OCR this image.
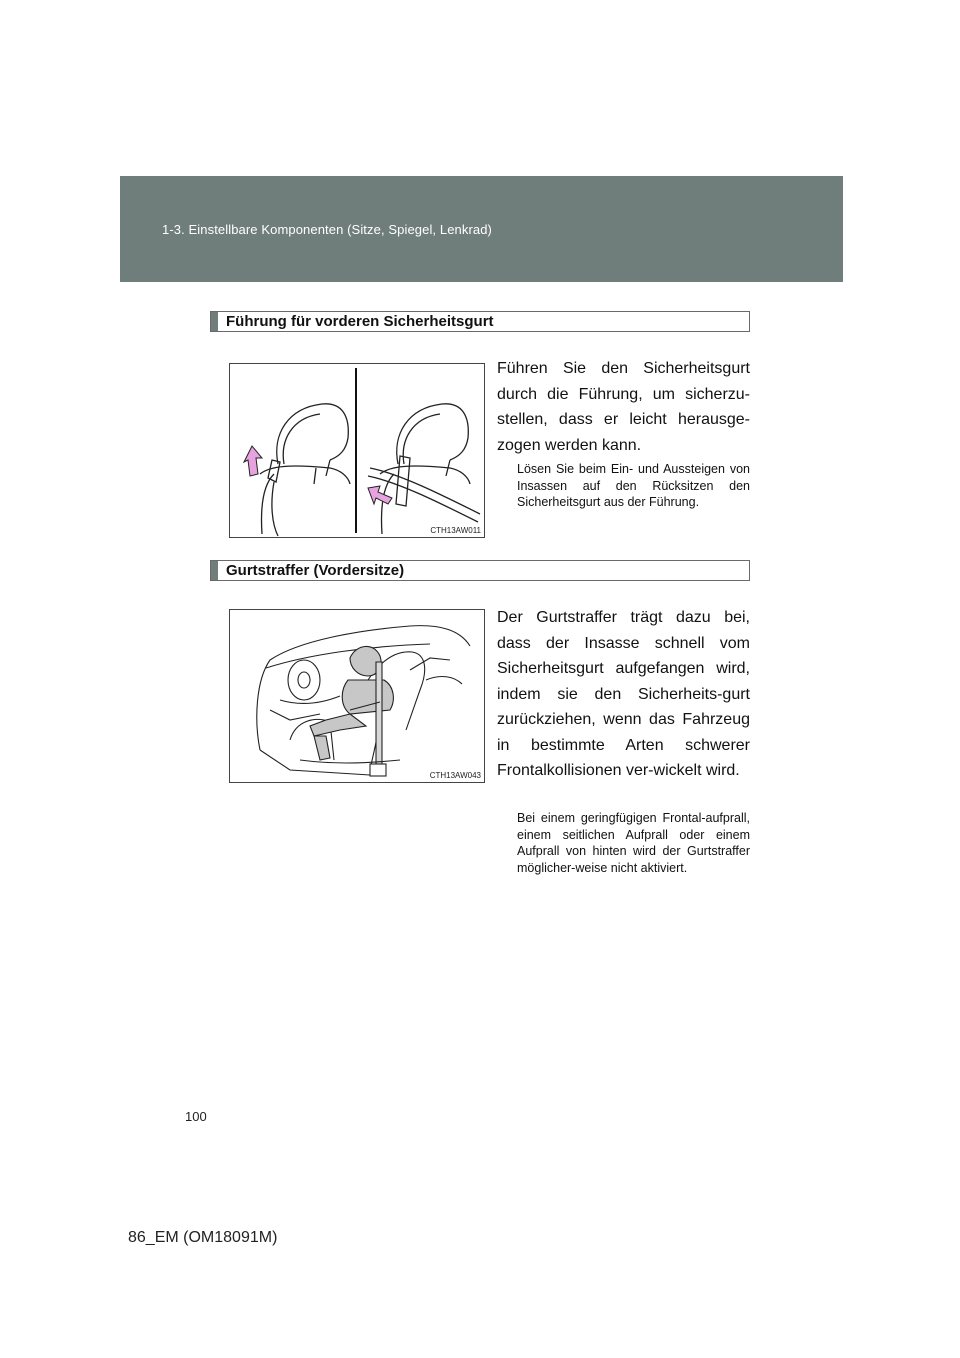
1-3. Einstellbare Komponenten (Sitze, Spiegel, Lenkrad)
Führung für vorderen Sicherheitsgurt
CTH13AW011
Führen Sie den Sicherheitsgurt durch die Führung, um sicherzu-stellen, dass er leicht herausge-zogen werden kann.
Lösen Sie beim Ein- und Aussteigen von Insassen auf den Rücksitzen den Sicherheitsgurt aus der Führung.
Gurtstraffer (Vordersitze)
CTH13AW043
Der Gurtstraffer trägt dazu bei, dass der Insasse schnell vom Sicherheitsgurt aufgefangen wird, indem sie den Sicherheits-gurt zurückziehen, wenn das Fahrzeug in bestimmte Arten schwerer Frontalkollisionen ver-wickelt wird.
Bei einem geringfügigen Frontal-aufprall, einem seitlichen Aufprall oder einem Aufprall von hinten wird der Gurtstraffer möglicher-weise nicht aktiviert.
100
86_EM (OM18091M)
